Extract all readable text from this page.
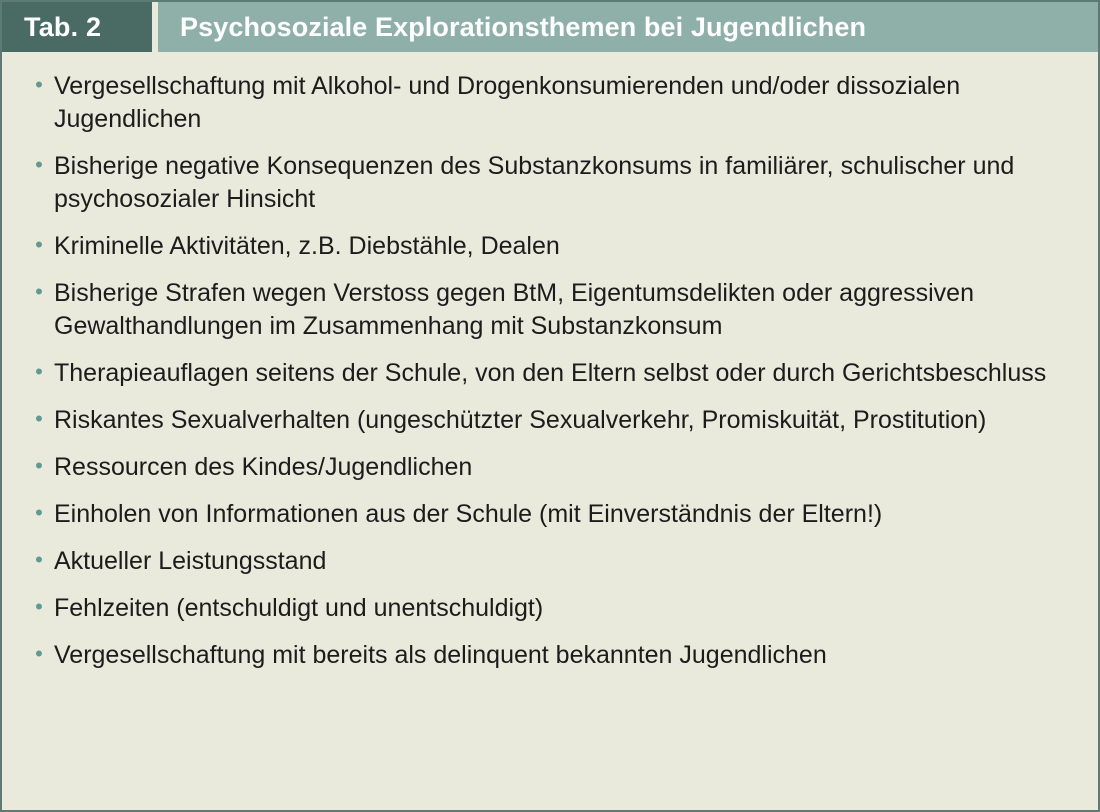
Tab. 2	Psychosoziale Explorationsthemen bei Jugendlichen
• Vergesellschaftung mit Alkohol- und Drogenkonsumierenden und/oder dissozialen Jugendlichen
• Bisherige negative Konsequenzen des Substanzkonsums in familiärer, schulischer und psychosozialer Hinsicht
• Kriminelle Aktivitäten, z.B. Diebstähle, Dealen
• Bisherige Strafen wegen Verstoss gegen BtM, Eigentumsdelikten oder aggressiven Gewalthandlungen im Zusammenhang mit Substanzkonsum
• Therapieauflagen seitens der Schule, von den Eltern selbst oder durch Gerichtsbeschluss
• Riskantes Sexualverhalten (ungeschützter Sexualverkehr, Promiskuität, Prostitution)
• Ressourcen des Kindes/Jugendlichen
• Einholen von Informationen aus der Schule (mit Einverständnis der Eltern!)
• Aktueller Leistungsstand
• Fehlzeiten (entschuldigt und unentschuldigt)
• Vergesellschaftung mit bereits als delinquent bekannten Jugendlichen
